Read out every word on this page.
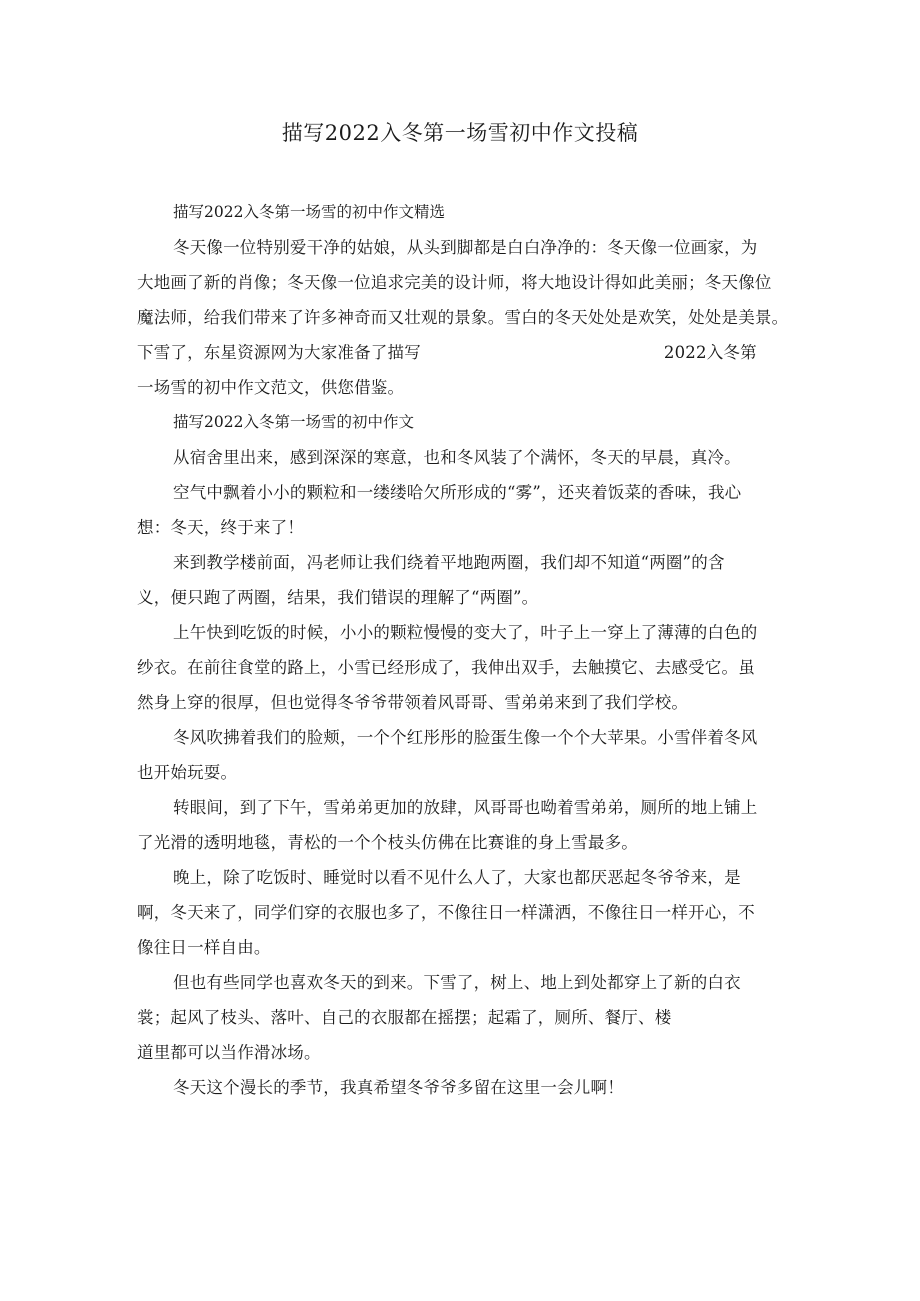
描写2022入冬第一场雪初中作文投稿

描写2022入冬第一场雪的初中作文精选

冬天像一位特别爱干净的姑娘，从头到脚都是白白净净的：冬天像一位画家，为
大地画了新的肖像；冬天像一位追求完美的设计师，将大地设计得如此美丽；冬天像位
魔法师，给我们带来了许多神奇而又壮观的景象。雪白的冬天处处是欢笑，处处是美景。
下雪了，东星资源网为大家准备了描写	2022入冬第
一场雪的初中作文范文，供您借鉴。

描写2022入冬第一场雪的初中作文

从宿舍里出来，感到深深的寒意，也和冬风装了个满怀，冬天的早晨，真冷。

空气中飘着小小的颗粒和一缕缕哈欠所形成的“雾”，还夹着饭菜的香味，我心
想：冬天，终于来了！

来到教学楼前面，冯老师让我们绕着平地跑两圈，我们却不知道“两圈”的含
义，便只跑了两圈，结果，我们错误的理解了“两圈”。

上午快到吃饭的时候，小小的颗粒慢慢的变大了，叶子上一穿上了薄薄的白色的
纱衣。在前往食堂的路上，小雪已经形成了，我伸出双手，去触摸它、去感受它。虽
然身上穿的很厚，但也觉得冬爷爷带领着风哥哥、雪弟弟来到了我们学校。

冬风吹拂着我们的脸颊，一个个红彤彤的脸蛋生像一个个大苹果。小雪伴着冬风
也开始玩耍。

转眼间，到了下午，雪弟弟更加的放肆，风哥哥也呦着雪弟弟，厕所的地上铺上
了光滑的透明地毯，青松的一个个枝头仿佛在比赛谁的身上雪最多。

晚上，除了吃饭时、睡觉时以看不见什么人了，大家也都厌恶起冬爷爷来，是
啊，冬天来了，同学们穿的衣服也多了，不像往日一样潇洒，不像往日一样开心，不
像往日一样自由。

但也有些同学也喜欢冬天的到来。下雪了，树上、地上到处都穿上了新的白衣
裳；起风了枝头、落叶、自己的衣服都在摇摆；起霜了，厕所、餐厅、楼
道里都可以当作滑冰场。

冬天这个漫长的季节，我真希望冬爷爷多留在这里一会儿啊！
